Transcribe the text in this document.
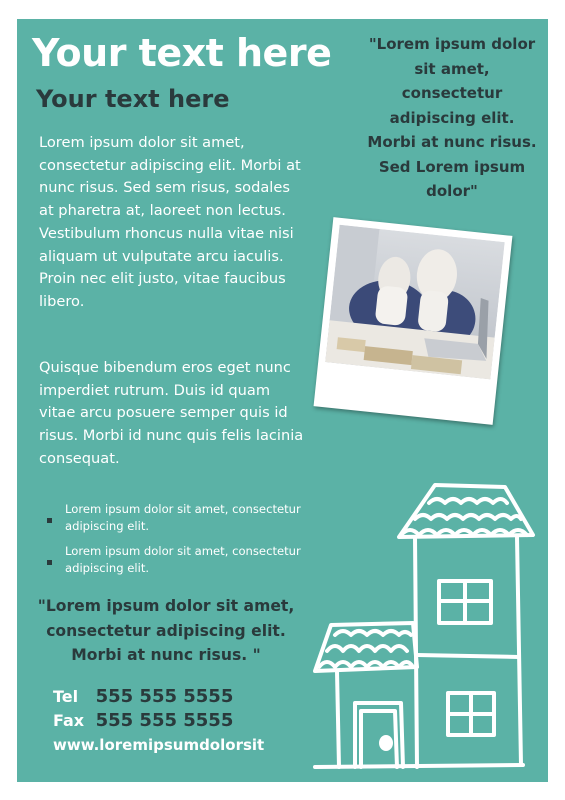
Your text here
Your text here

Lorem ipsum dolor sit amet, consectetur adipiscing elit. Morbi at nunc risus. Sed sem risus, sodales at pharetra at, laoreet non lectus. Vestibulum rhoncus nulla vitae nisi aliquam ut vulputate arcu iaculis. Proin nec elit justo, vitae faucibus libero.

Quisque bibendum eros eget nunc imperdiet rutrum. Duis id quam vitae arcu posuere semper quis id risus. Morbi id nunc quis felis lacinia consequat.

Lorem ipsum dolor sit amet, consectetur adipiscing elit.
Lorem ipsum dolor sit amet, consectetur adipiscing elit.

"Lorem ipsum dolor sit amet, consectetur adipiscing elit. Morbi at nunc risus. "

"Lorem ipsum dolor sit amet, consectetur adipiscing elit. Morbi at nunc risus. Sed Lorem ipsum dolor"

Tel 555 555 5555
Fax 555 555 5555
www.loremipsumdolorsit
